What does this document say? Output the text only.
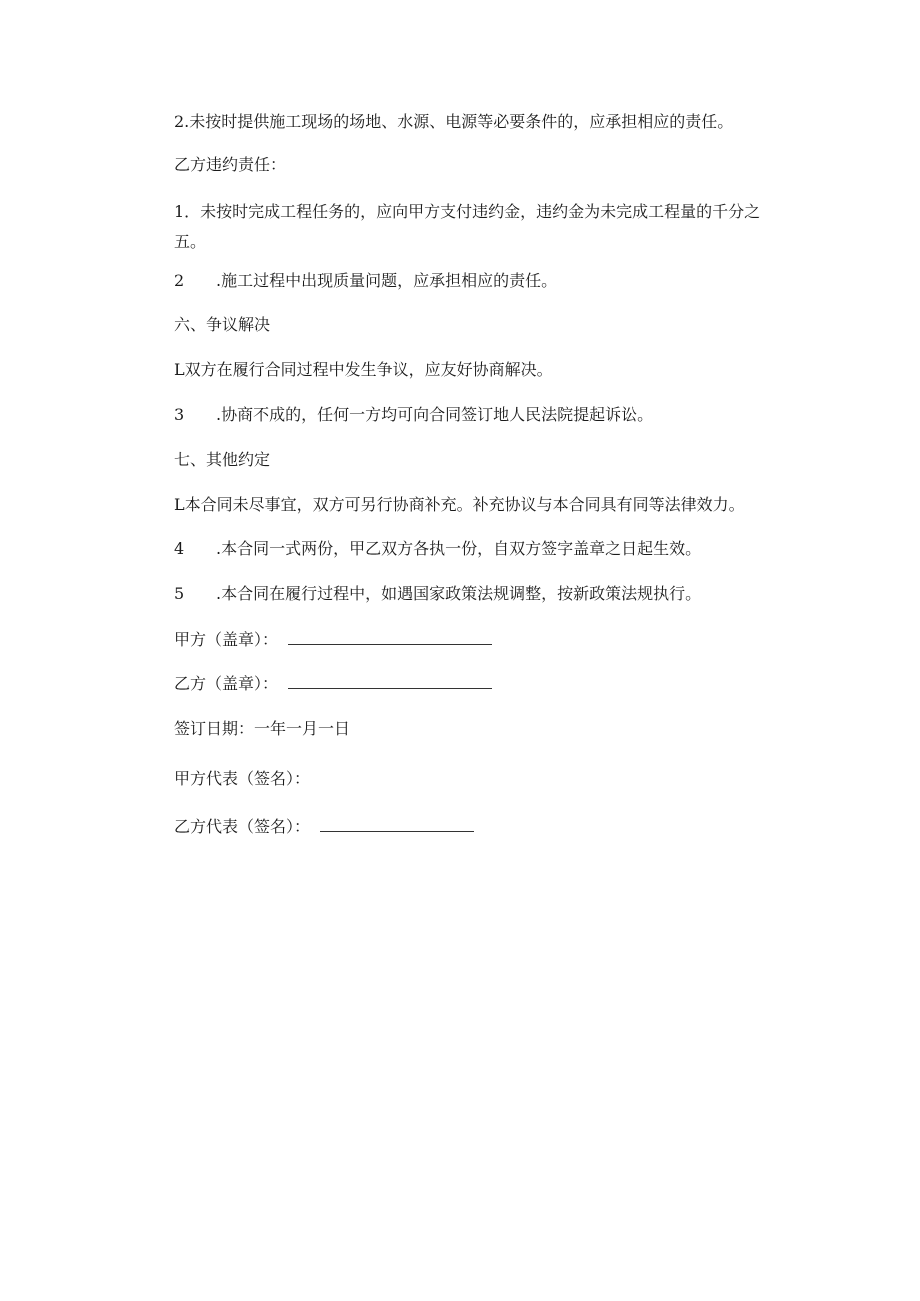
2.未按时提供施工现场的场地、水源、电源等必要条件的，应承担相应的责任。
乙方违约责任：
1．未按时完成工程任务的，应向甲方支付违约金，违约金为未完成工程量的千分之五。
2 .施工过程中出现质量问题，应承担相应的责任。
六、争议解决
L双方在履行合同过程中发生争议，应友好协商解决。
3 .协商不成的，任何一方均可向合同签订地人民法院提起诉讼。
七、其他约定
L本合同未尽事宜，双方可另行协商补充。补充协议与本合同具有同等法律效力。
4 .本合同一式两份，甲乙双方各执一份，自双方签字盖章之日起生效。
5 .本合同在履行过程中，如遇国家政策法规调整，按新政策法规执行。
甲方（盖章）：
乙方（盖章）：
签订日期：一年一月一日
甲方代表（签名）：
乙方代表（签名）：
